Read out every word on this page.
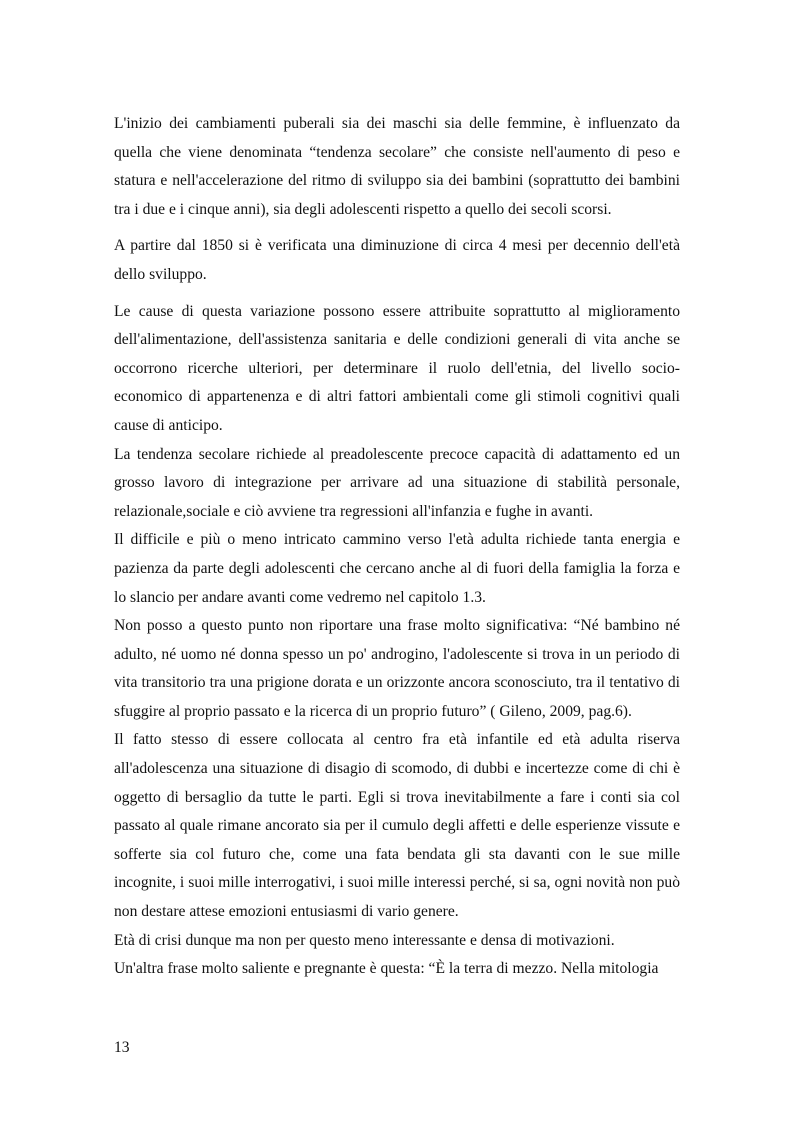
L'inizio dei cambiamenti puberali sia dei maschi sia delle femmine, è influenzato da quella che viene denominata “tendenza secolare” che consiste nell'aumento di peso e statura e nell'accelerazione del ritmo di sviluppo sia dei bambini (soprattutto dei bambini tra i due e i cinque anni), sia degli adolescenti rispetto a quello dei secoli scorsi.

A partire dal 1850 si è verificata una diminuzione di circa 4 mesi per decennio dell'età dello sviluppo.

Le cause di questa variazione possono essere attribuite soprattutto al miglioramento dell'alimentazione, dell'assistenza sanitaria e delle condizioni generali di vita anche se occorrono ricerche ulteriori, per determinare il ruolo dell'etnia, del livello socio-economico di appartenenza e di altri fattori ambientali come gli stimoli cognitivi quali cause di anticipo.

La tendenza secolare richiede al preadolescente precoce capacità di adattamento ed un grosso lavoro di integrazione per arrivare ad una situazione di stabilità personale, relazionale,sociale e ciò avviene tra regressioni all'infanzia e fughe in avanti.

Il difficile e più o meno intricato cammino verso l'età adulta richiede tanta energia e pazienza da parte degli adolescenti che cercano anche al di fuori della famiglia la forza e lo slancio per andare avanti come vedremo nel capitolo 1.3.

Non posso a questo punto non riportare una frase molto significativa: “Né bambino né adulto, né uomo né donna spesso un po' androgino, l'adolescente si trova in un periodo di vita transitorio tra una prigione dorata e un orizzonte ancora sconosciuto, tra il tentativo di sfuggire al proprio passato e la ricerca di un proprio futuro” ( Gileno, 2009, pag.6).

Il fatto stesso di essere collocata al centro fra età infantile ed età adulta riserva all'adolescenza una situazione di disagio di scomodo, di dubbi e incertezze come di chi è oggetto di bersaglio da tutte le parti. Egli si trova inevitabilmente a fare i conti sia col passato al quale rimane ancorato sia per il cumulo degli affetti e delle esperienze vissute e sofferte sia col futuro che, come una fata bendata gli sta davanti con le sue mille incognite, i suoi mille interrogativi, i suoi mille interessi perché, si sa, ogni novità non può non destare attese emozioni entusiasmi di vario genere.

Età di crisi dunque ma non per questo meno interessante e densa di motivazioni.

Un'altra frase molto saliente e pregnante è questa: “È la terra di mezzo. Nella mitologia

13
